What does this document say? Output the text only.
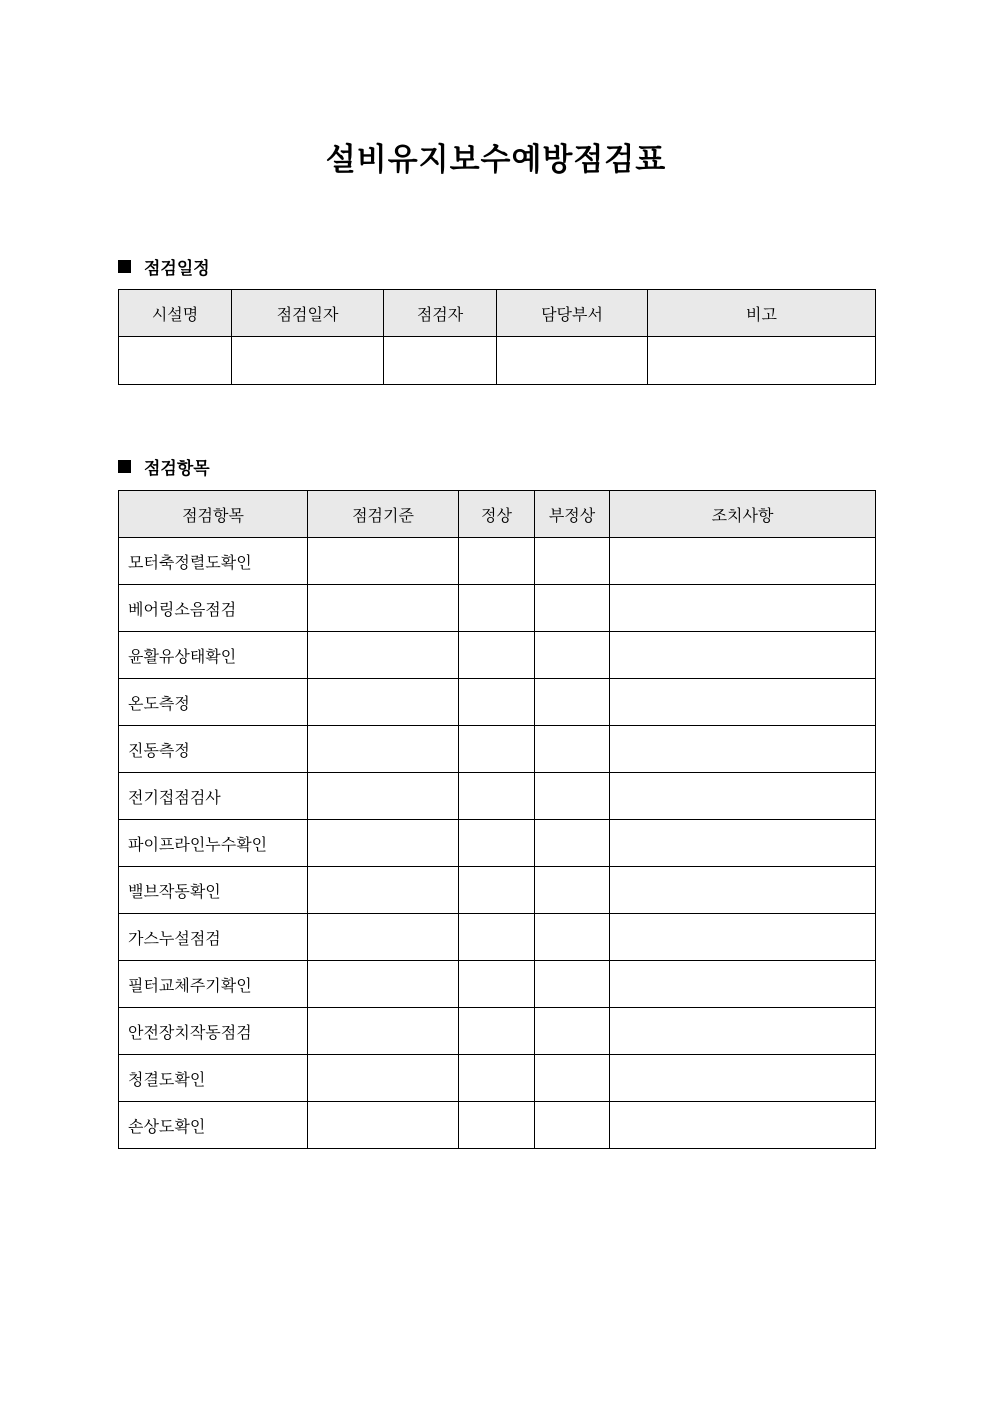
설비유지보수예방점검표
점검일정
시설명	점검일자	점검자	담당부서	비고

점검항목
점검항목	점검기준	정상	부정상	조치사항
모터축정렬도확인				
베어링소음점검				
윤활유상태확인				
온도측정				
진동측정				
전기접점검사				
파이프라인누수확인				
밸브작동확인				
가스누설점검				
필터교체주기확인				
안전장치작동점검				
청결도확인				
손상도확인				
